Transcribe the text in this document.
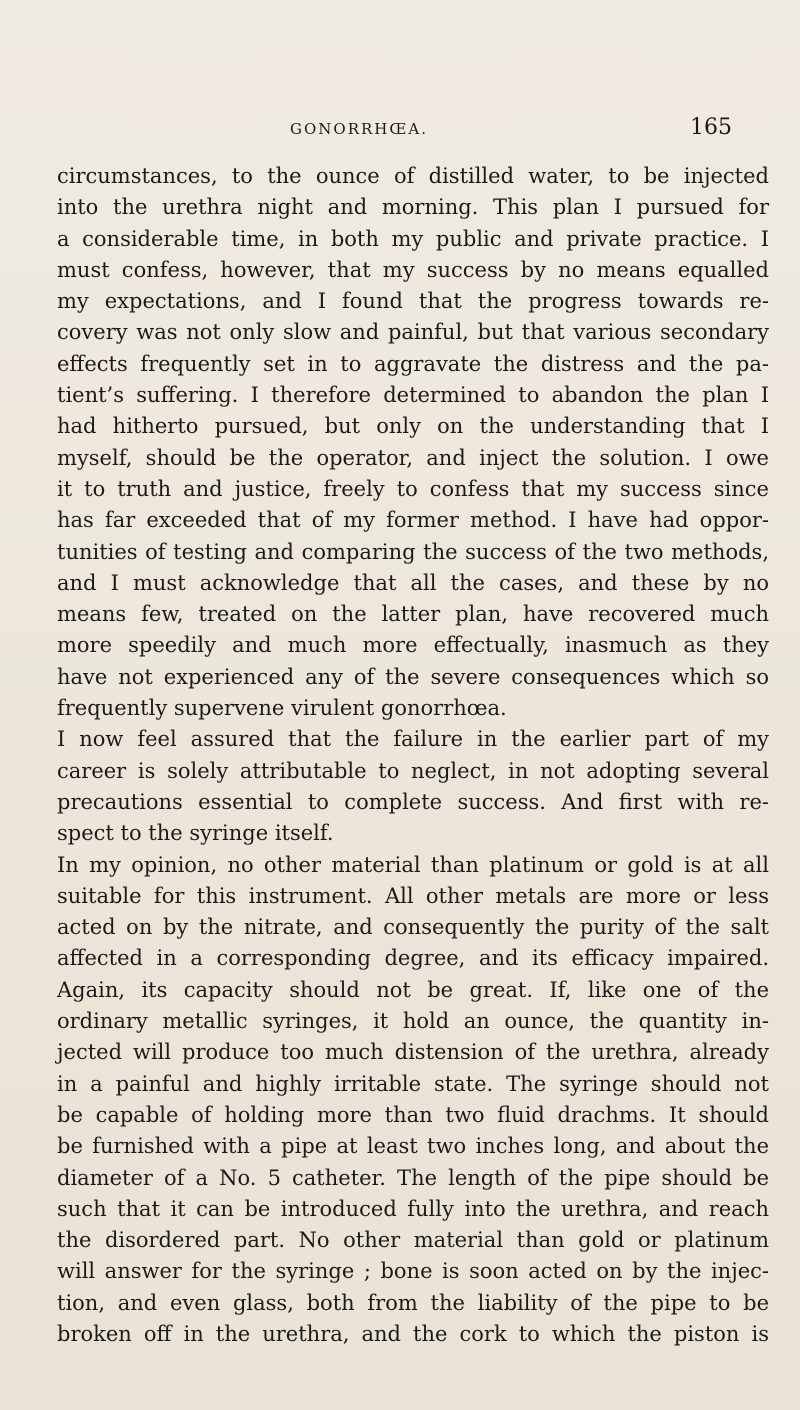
GONORRHŒA.	165
circumstances, to the ounce of distilled water, to be injected
into the urethra night and morning. This plan I pursued for
a considerable time, in both my public and private practice. I
must confess, however, that my success by no means equalled
my expectations, and I found that the progress towards re-
covery was not only slow and painful, but that various secondary
effects frequently set in to aggravate the distress and the pa-
tient’s suffering. I therefore determined to abandon the plan I
had hitherto pursued, but only on the understanding that I
myself, should be the operator, and inject the solution. I owe
it to truth and justice, freely to confess that my success since
has far exceeded that of my former method. I have had oppor-
tunities of testing and comparing the success of the two methods,
and I must acknowledge that all the cases, and these by no
means few, treated on the latter plan, have recovered much
more speedily and much more effectually, inasmuch as they
have not experienced any of the severe consequences which so
frequently supervene virulent gonorrhœa.
I now feel assured that the failure in the earlier part of my
career is solely attributable to neglect, in not adopting several
precautions essential to complete success. And first with re-
spect to the syringe itself.
In my opinion, no other material than platinum or gold is at all
suitable for this instrument. All other metals are more or less
acted on by the nitrate, and consequently the purity of the salt
affected in a corresponding degree, and its efficacy impaired.
Again, its capacity should not be great. If, like one of the
ordinary metallic syringes, it hold an ounce, the quantity in-
jected will produce too much distension of the urethra, already
in a painful and highly irritable state. The syringe should not
be capable of holding more than two fluid drachms. It should
be furnished with a pipe at least two inches long, and about the
diameter of a No. 5 catheter. The length of the pipe should be
such that it can be introduced fully into the urethra, and reach
the disordered part. No other material than gold or platinum
will answer for the syringe ; bone is soon acted on by the injec-
tion, and even glass, both from the liability of the pipe to be
broken off in the urethra, and the cork to which the piston is
